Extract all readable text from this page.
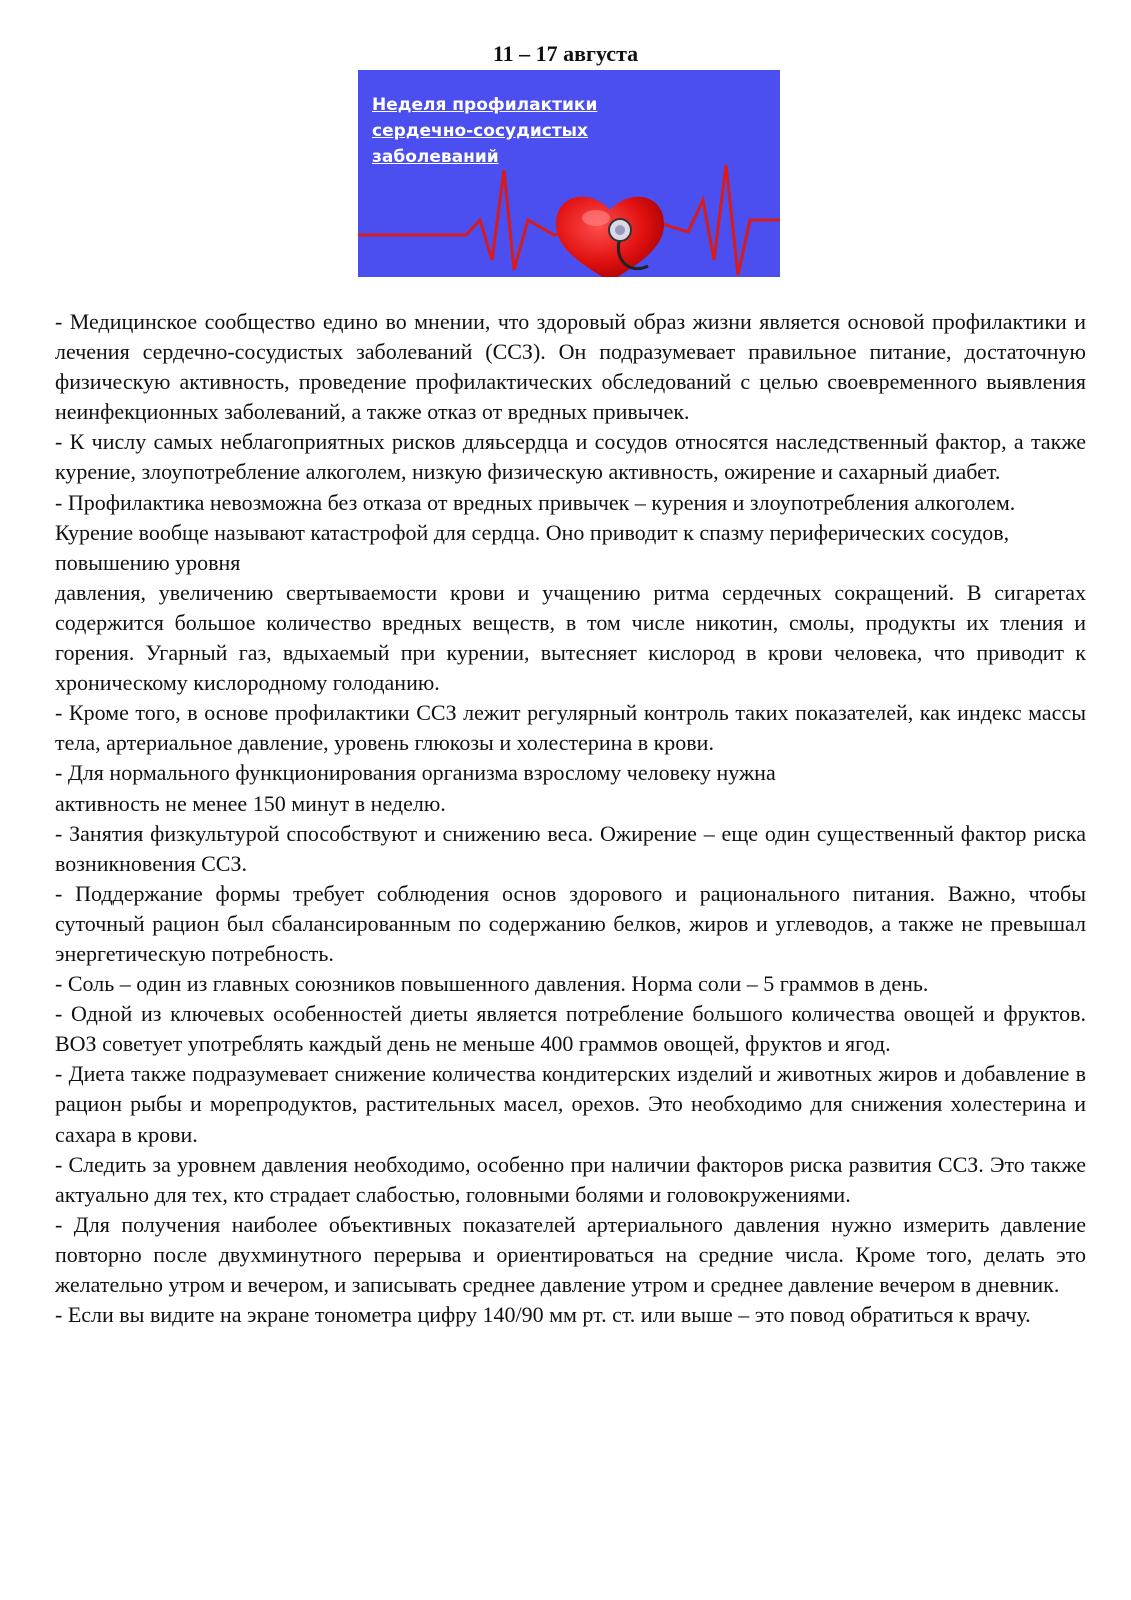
11 – 17 августа
Неделя профилактики
сердечно-сосудистых
заболеваний

- Медицинское сообщество едино во мнении, что здоровый образ жизни является основой профилактики и лечения сердечно-сосудистых заболеваний (ССЗ). Он подразумевает правильное питание, достаточную физическую активность, проведение профилактических обследований с целью своевременного выявления неинфекционных заболеваний, а также отказ от вредных привычек.

- К числу самых неблагоприятных рисков дляьсердца и сосудов относятся наследственный фактор, а также курение, злоупотребление алкоголем, низкую физическую активность, ожирение и сахарный диабет.

- Профилактика невозможна без отказа от вредных привычек – курения и злоупотребления алкоголем. Курение вообще называют катастрофой для сердца. Оно приводит к спазму периферических сосудов, повышению уровня

давления, увеличению свертываемости крови и учащению ритма сердечных сокращений. В сигаретах содержится большое количество вредных веществ, в том числе никотин, смолы, продукты их тления и горения. Угарный газ, вдыхаемый при курении, вытесняет кислород в крови человека, что приводит к хроническому кислородному голоданию.

- Кроме того, в основе профилактики ССЗ лежит регулярный контроль таких показателей, как индекс массы тела, артериальное давление, уровень глюкозы и холестерина в крови.

- Для нормального функционирования организма взрослому человеку нужна

активность не менее 150 минут в неделю.

- Занятия физкультурой способствуют и снижению веса. Ожирение – еще один существенный фактор риска возникновения ССЗ.

- Поддержание формы требует соблюдения основ здорового и рационального питания. Важно, чтобы суточный рацион был сбалансированным по содержанию белков, жиров и углеводов, а также не превышал энергетическую потребность.

- Соль – один из главных союзников повышенного давления. Норма соли – 5 граммов в день.

- Одной из ключевых особенностей диеты является потребление большого количества овощей и фруктов. ВОЗ советует употреблять каждый день не меньше 400 граммов овощей, фруктов и ягод.

- Диета также подразумевает снижение количества кондитерских изделий и животных жиров и добавление в рацион рыбы и морепродуктов, растительных масел, орехов. Это необходимо для снижения холестерина и сахара в крови.

- Следить за уровнем давления необходимо, особенно при наличии факторов риска развития ССЗ. Это также актуально для тех, кто страдает слабостью, головными болями и головокружениями.

- Для получения наиболее объективных показателей артериального давления нужно измерить давление повторно после двухминутного перерыва и ориентироваться на средние числа. Кроме того, делать это желательно утром и вечером, и записывать среднее давление утром и среднее давление вечером в дневник.

- Если вы видите на экране тонометра цифру 140/90 мм рт. ст. или выше – это повод обратиться к врачу.
